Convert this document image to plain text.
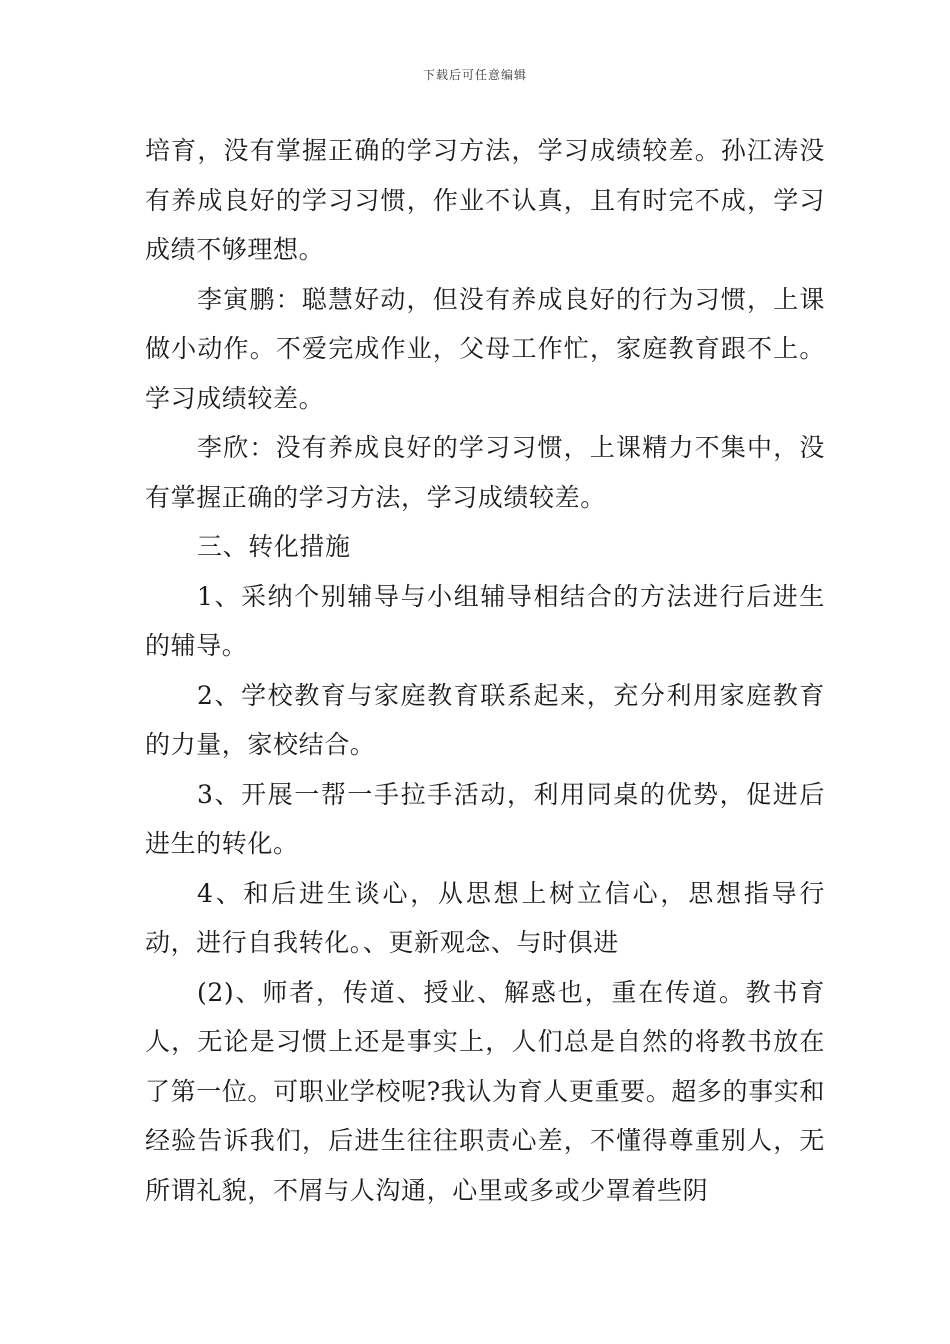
下载后可任意编辑

培育，没有掌握正确的学习方法，学习成绩较差。孙江涛没有养成良好的学习习惯，作业不认真，且有时完不成，学习成绩不够理想。

李寅鹏：聪慧好动，但没有养成良好的行为习惯，上课做小动作。不爱完成作业，父母工作忙，家庭教育跟不上。学习成绩较差。

李欣：没有养成良好的学习习惯，上课精力不集中，没有掌握正确的学习方法，学习成绩较差。

三、转化措施

1、采纳个别辅导与小组辅导相结合的方法进行后进生的辅导。

2、学校教育与家庭教育联系起来，充分利用家庭教育的力量，家校结合。

3、开展一帮一手拉手活动，利用同桌的优势，促进后进生的转化。

4、和后进生谈心，从思想上树立信心，思想指导行动，进行自我转化。、更新观念、与时俱进

(2)、师者，传道、授业、解惑也，重在传道。教书育人，无论是习惯上还是事实上，人们总是自然的将教书放在了第一位。可职业学校呢?我认为育人更重要。超多的事实和经验告诉我们，后进生往往职责心差，不懂得尊重别人，无所谓礼貌，不屑与人沟通，心里或多或少罩着些阴
